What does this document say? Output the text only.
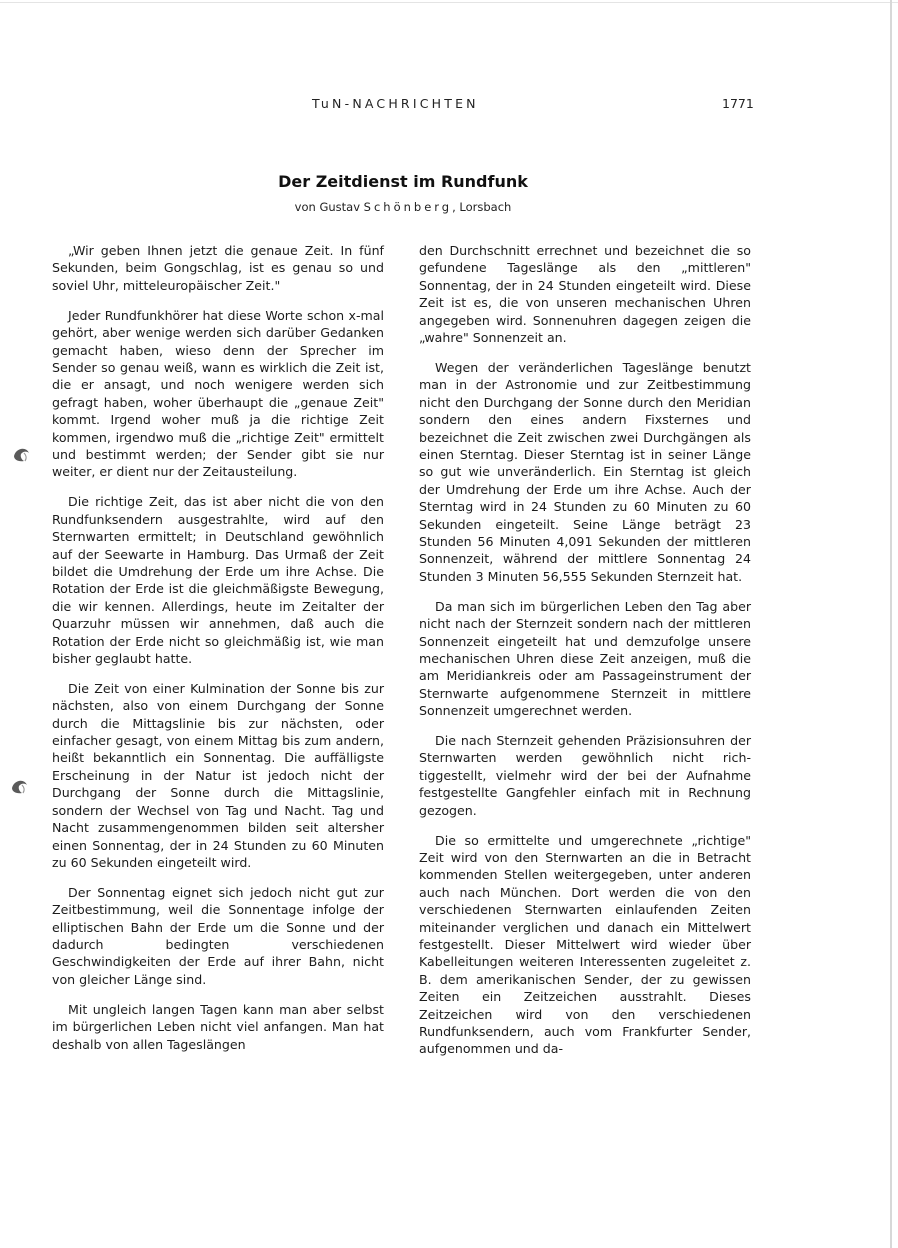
TuN-NACHRICHTEN	1771
Der Zeitdienst im Rundfunk
von Gustav Schönberg, Lorsbach

„Wir geben Ihnen jetzt die genaue Zeit. In fünf Sekunden, beim Gongschlag, ist es genau so und soviel Uhr, mitteleuropäischer Zeit."

Jeder Rundfunkhörer hat diese Worte schon x-mal gehört, aber wenige werden sich darüber Gedanken gemacht haben, wieso denn der Sprecher im Sender so genau weiß, wann es wirklich die Zeit ist, die er ansagt, und noch wenigere werden sich gefragt haben, woher überhaupt die „genaue Zeit" kommt. Irgend woher muß ja die richtige Zeit kommen, irgendwo muß die „richtige Zeit" ermittelt und bestimmt werden; der Sender gibt sie nur weiter, er dient nur der Zeitausteilung.

Die richtige Zeit, das ist aber nicht die von den Rundfunksendern ausgestrahlte, wird auf den Sternwarten ermittelt; in Deutschland gewöhnlich auf der Seewarte in Hamburg. Das Urmaß der Zeit bildet die Umdrehung der Erde um ihre Achse. Die Rotation der Erde ist die gleichmäßigste Bewegung, die wir kennen. Allerdings, heute im Zeitalter der Quarzuhr müssen wir annehmen, daß auch die Rotation der Erde nicht so gleichmäßig ist, wie man bisher geglaubt hatte.

Die Zeit von einer Kulmination der Sonne bis zur nächsten, also von einem Durchgang der Sonne durch die Mittagslinie bis zur nächsten, oder einfacher gesagt, von einem Mittag bis zum andern, heißt bekanntlich ein Sonnentag. Die auffälligste Erscheinung in der Natur ist jedoch nicht der Durchgang der Sonne durch die Mittagslinie, sondern der Wechsel von Tag und Nacht. Tag und Nacht zusammengenommen bilden seit altersher einen Sonnentag, der in 24 Stunden zu 60 Minuten zu 60 Sekunden eingeteilt wird.

Der Sonnentag eignet sich jedoch nicht gut zur Zeitbestimmung, weil die Sonnentage infolge der elliptischen Bahn der Erde um die Sonne und der dadurch bedingten verschiedenen Geschwindigkeiten der Erde auf ihrer Bahn, nicht von gleicher Länge sind.

Mit ungleich langen Tagen kann man aber selbst im bürgerlichen Leben nicht viel anfangen. Man hat deshalb von allen Tageslängen

den Durchschnitt errechnet und bezeichnet die so gefundene Tageslänge als den „mittleren" Sonnentag, der in 24 Stunden eingeteilt wird. Diese Zeit ist es, die von unseren mechanischen Uhren angegeben wird. Sonnenuhren dagegen zeigen die „wahre" Sonnenzeit an.

Wegen der veränderlichen Tageslänge benutzt man in der Astronomie und zur Zeitbestimmung nicht den Durchgang der Sonne durch den Meridian sondern den eines andern Fixsternes und bezeichnet die Zeit zwischen zwei Durchgängen als einen Sterntag. Dieser Sterntag ist in seiner Länge so gut wie unveränderlich. Ein Sterntag ist gleich der Umdrehung der Erde um ihre Achse. Auch der Sterntag wird in 24 Stunden zu 60 Minuten zu 60 Sekunden eingeteilt. Seine Länge beträgt 23 Stunden 56 Minuten 4,091 Sekunden der mittleren Sonnenzeit, während der mittlere Sonnentag 24 Stunden 3 Minuten 56,555 Sekunden Sternzeit hat.

Da man sich im bürgerlichen Leben den Tag aber nicht nach der Sternzeit sondern nach der mittleren Sonnenzeit eingeteilt hat und demzufolge unsere mechanischen Uhren diese Zeit anzeigen, muß die am Meridiankreis oder am Passageinstrument der Sternwarte aufgenommene Sternzeit in mittlere Sonnenzeit umgerechnet werden.

Die nach Sternzeit gehenden Präzisionsuhren der Sternwarten werden gewöhnlich nicht richtiggestellt, vielmehr wird der bei der Aufnahme festgestellte Gangfehler einfach mit in Rechnung gezogen.

Die so ermittelte und umgerechnete „richtige" Zeit wird von den Sternwarten an die in Betracht kommenden Stellen weitergegeben, unter anderen auch nach München. Dort werden die von den verschiedenen Sternwarten einlaufenden Zeiten miteinander verglichen und danach ein Mittelwert festgestellt. Dieser Mittelwert wird wieder über Kabelleitungen weiteren Interessenten zugeleitet z. B. dem amerikanischen Sender, der zu gewissen Zeiten ein Zeitzeichen ausstrahlt. Dieses Zeitzeichen wird von den verschiedenen Rundfunksendern, auch vom Frankfurter Sender, aufgenommen und da-
